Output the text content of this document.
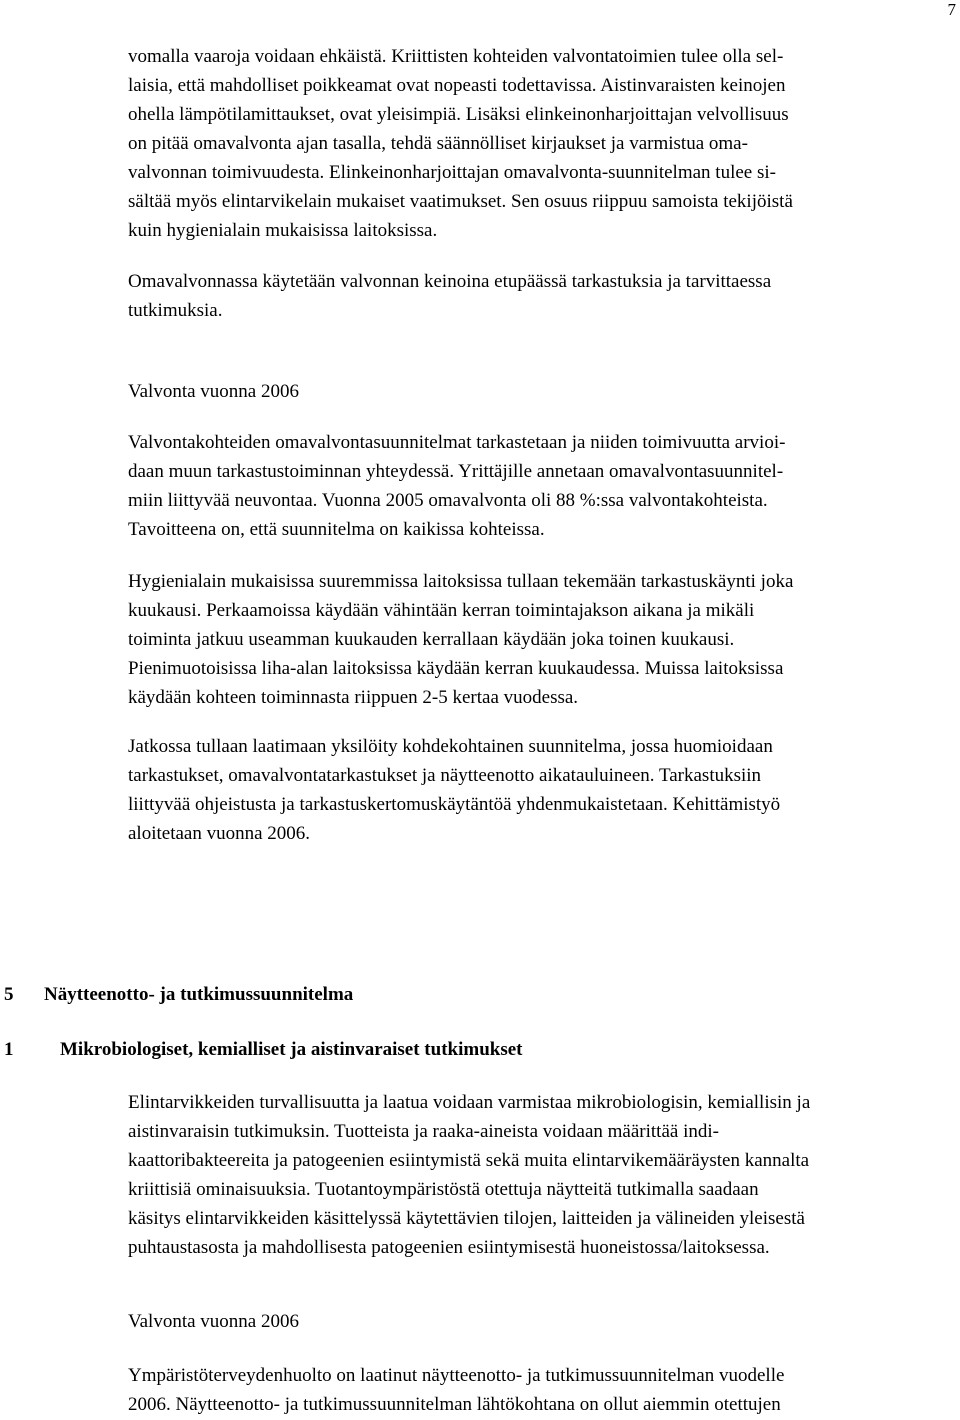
7
vomalla vaaroja voidaan ehkäistä. Kriittisten kohteiden valvontatoimien tulee olla sel-
laisia, että mahdolliset poikkeamat ovat nopeasti todettavissa. Aistinvaraisten keinojen
ohella lämpötilamittaukset, ovat yleisimpiä. Lisäksi elinkeinonharjoittajan velvollisuus
on pitää omavalvonta ajan tasalla, tehdä säännölliset kirjaukset ja varmistua oma-
valvonnan toimivuudesta. Elinkeinonharjoittajan omavalvonta-suunnitelman tulee si-
sältää myös elintarvikelain mukaiset vaatimukset. Sen osuus riippuu samoista tekijöistä
kuin hygienialain mukaisissa laitoksissa.
Omavalvonnassa käytetään valvonnan keinoina etupäässä tarkastuksia ja tarvittaessa
tutkimuksia.
Valvonta vuonna 2006
Valvontakohteiden omavalvontasuunnitelmat tarkastetaan ja niiden toimivuutta arvioi-
daan muun tarkastustoiminnan yhteydessä. Yrittäjille annetaan omavalvontasuunnitel-
miin liittyvää neuvontaa. Vuonna 2005 omavalvonta oli 88 %:ssa valvontakohteista.
Tavoitteena on, että suunnitelma on kaikissa kohteissa.
Hygienialain mukaisissa suuremmissa laitoksissa tullaan tekemään tarkastuskäynti joka
kuukausi. Perkaamoissa käydään vähintään kerran toimintajakson aikana ja mikäli
toiminta jatkuu useamman kuukauden kerrallaan käydään joka toinen kuukausi.
Pienimuotoisissa liha-alan laitoksissa käydään kerran kuukaudessa. Muissa laitoksissa
käydään kohteen toiminnasta riippuen 2-5 kertaa vuodessa.
Jatkossa tullaan laatimaan yksilöity kohdekohtainen suunnitelma, jossa huomioidaan
tarkastukset, omavalvontatarkastukset ja näytteenotto aikatauluineen. Tarkastuksiin
liittyvää ohjeistusta ja tarkastuskertomuskäytäntöä yhdenmukaistetaan. Kehittämistyö
aloitetaan vuonna 2006.
5 Näytteenotto- ja tutkimussuunnitelma
1 Mikrobiologiset, kemialliset ja aistinvaraiset tutkimukset
Elintarvikkeiden turvallisuutta ja laatua voidaan varmistaa mikrobiologisin, kemiallisin ja
aistinvaraisin tutkimuksin. Tuotteista ja raaka-aineista voidaan määrittää indi-
kaattoribakteereita ja patogeenien esiintymistä sekä muita elintarvikemääräysten kannalta
kriittisiä ominaisuuksia. Tuotantoympäristöstä otettuja näytteitä tutkimalla saadaan
käsitys elintarvikkeiden käsittelyssä käytettävien tilojen, laitteiden ja välineiden yleisestä
puhtaustasosta ja mahdollisesta patogeenien esiintymisestä huoneistossa/laitoksessa.
Valvonta vuonna 2006
Ympäristöterveydenhuolto on laatinut näytteenotto- ja tutkimussuunnitelman vuodelle
2006. Näytteenotto- ja tutkimussuunnitelman lähtökohtana on ollut aiemmin otettujen
